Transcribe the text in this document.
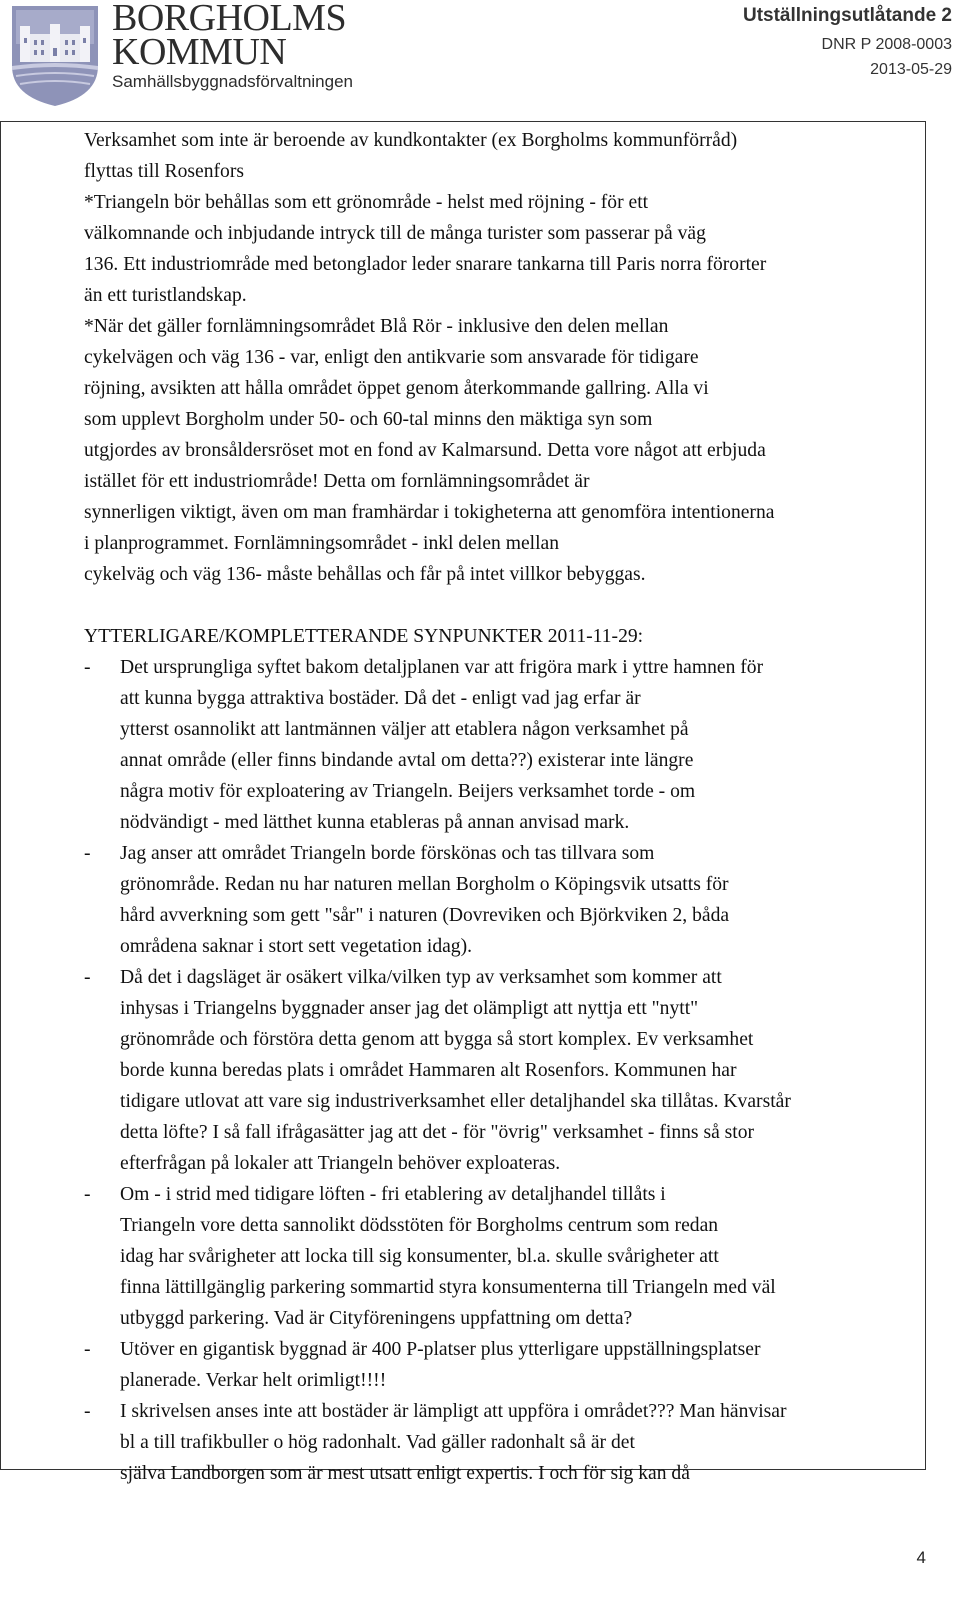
BORGHOLMS
KOMMUN
Samhällsbyggnadsförvaltningen
Utställningsutlåtande 2
DNR P 2008-0003
2013-05-29

Verksamhet som inte är beroende av kundkontakter (ex Borgholms kommunförråd)

flyttas till Rosenfors

*Triangeln bör behållas som ett grönområde - helst med röjning - för ett

välkomnande och inbjudande intryck till de många turister som passerar på väg

136. Ett industriområde med betonglador leder snarare tankarna till Paris norra förorter

än ett turistlandskap.

*När det gäller fornlämningsområdet Blå Rör - inklusive den delen mellan

cykelvägen och väg 136 - var, enligt den antikvarie som ansvarade för tidigare

röjning, avsikten att hålla området öppet genom återkommande gallring. Alla vi

som upplevt Borgholm under 50- och 60-tal minns den mäktiga syn som

utgjordes av bronsåldersröset mot en fond av Kalmarsund. Detta vore något att erbjuda

istället för ett industriområde! Detta om fornlämningsområdet är

synnerligen viktigt, även om man framhärdar i tokigheterna att genomföra intentionerna

i planprogrammet. Fornlämningsområdet - inkl delen mellan

cykelväg och väg 136- måste behållas och får på intet villkor bebyggas.

YTTERLIGARE/KOMPLETTERANDE SYNPUNKTER 2011-11-29:

- Det ursprungliga syftet bakom detaljplanen var att frigöra mark i yttre hamnen för
att kunna bygga attraktiva bostäder. Då det - enligt vad jag erfar är
ytterst osannolikt att lantmännen väljer att etablera någon verksamhet på
annat område (eller finns bindande avtal om detta??) existerar inte längre
några motiv för exploatering av Triangeln. Beijers verksamhet torde - om
nödvändigt - med lätthet kunna etableras på annan anvisad mark.
- Jag anser att området Triangeln borde förskönas och tas tillvara som
grönområde. Redan nu har naturen mellan Borgholm o Köpingsvik utsatts för
hård avverkning som gett "sår" i naturen (Dovreviken och Björkviken 2, båda
områdena saknar i stort sett vegetation idag).
- Då det i dagsläget är osäkert vilka/vilken typ av verksamhet som kommer att
inhysas i Triangelns byggnader anser jag det olämpligt att nyttja ett "nytt"
grönområde och förstöra detta genom att bygga så stort komplex. Ev verksamhet
borde kunna beredas plats i området Hammaren alt Rosenfors. Kommunen har
tidigare utlovat att vare sig industriverksamhet eller detaljhandel ska tillåtas. Kvarstår
detta löfte? I så fall ifrågasätter jag att det - för "övrig" verksamhet - finns så stor
efterfrågan på lokaler att Triangeln behöver exploateras.
- Om - i strid med tidigare löften - fri etablering av detaljhandel tillåts i
Triangeln vore detta sannolikt dödsstöten för Borgholms centrum som redan
idag har svårigheter att locka till sig konsumenter, bl.a. skulle svårigheter att
finna lättillgänglig parkering sommartid styra konsumenterna till Triangeln med väl
utbyggd parkering. Vad är Cityföreningens uppfattning om detta?
- Utöver en gigantisk byggnad är 400 P-platser plus ytterligare uppställningsplatser
planerade. Verkar helt orimligt!!!!
- I skrivelsen anses inte att bostäder är lämpligt att uppföra i området??? Man hänvisar
bl a till trafikbuller o hög radonhalt. Vad gäller radonhalt så är det
själva Landborgen som är mest utsatt enligt expertis. I och för sig kan då
4
